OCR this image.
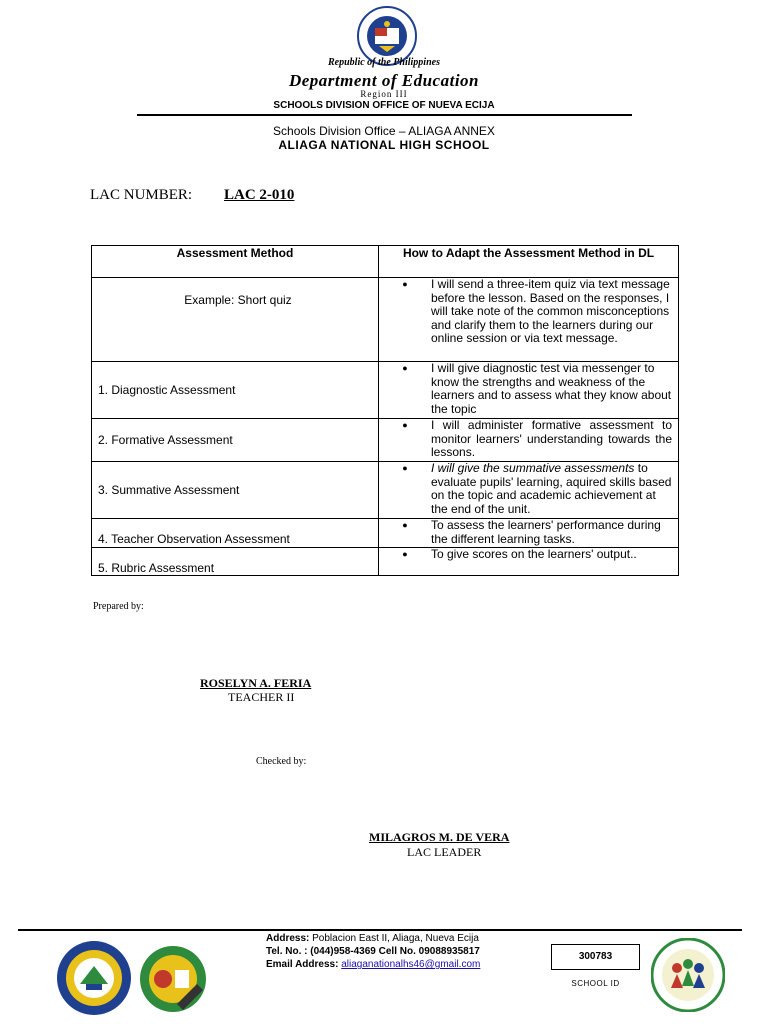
Republic of the Philippines
Department of Education
Region III
SCHOOLS DIVISION OFFICE OF NUEVA ECIJA
Schools Division Office – ALIAGA ANNEX
ALIAGA NATIONAL HIGH SCHOOL
LAC NUMBER: LAC 2-010
Assessment Method	How to Adapt the Assessment Method in DL
Example: Short quiz	● I will send a three-item quiz via text message before the lesson. Based on the responses, I will take note of the common misconceptions and clarify them to the learners during our online session or via text message.

1. Diagnostic Assessment	● I will give diagnostic test via messenger to know the strengths and weakness of the learners and to assess what they know about the topic

2. Formative Assessment	● I will administer formative assessment to monitor learners' understanding towards the lessons.

3. Summative Assessment	● I will give the summative assessments to evaluate pupils' learning, aquired skills based on the topic and academic achievement at the end of the unit.

4. Teacher Observation Assessment	● To assess the learners' performance during the different learning tasks.

5. Rubric Assessment	● To give scores on the learners' output..
Prepared by:
ROSELYN A. FERIA
TEACHER II
Checked by:
MILAGROS M. DE VERA
LAC LEADER
Address: Poblacion East II, Aliaga, Nueva Ecija
Tel. No. : (044)958-4369 Cell No. 09088935817
Email Address: aliaganationalhs46@gmail.com
300783
SCHOOL ID
